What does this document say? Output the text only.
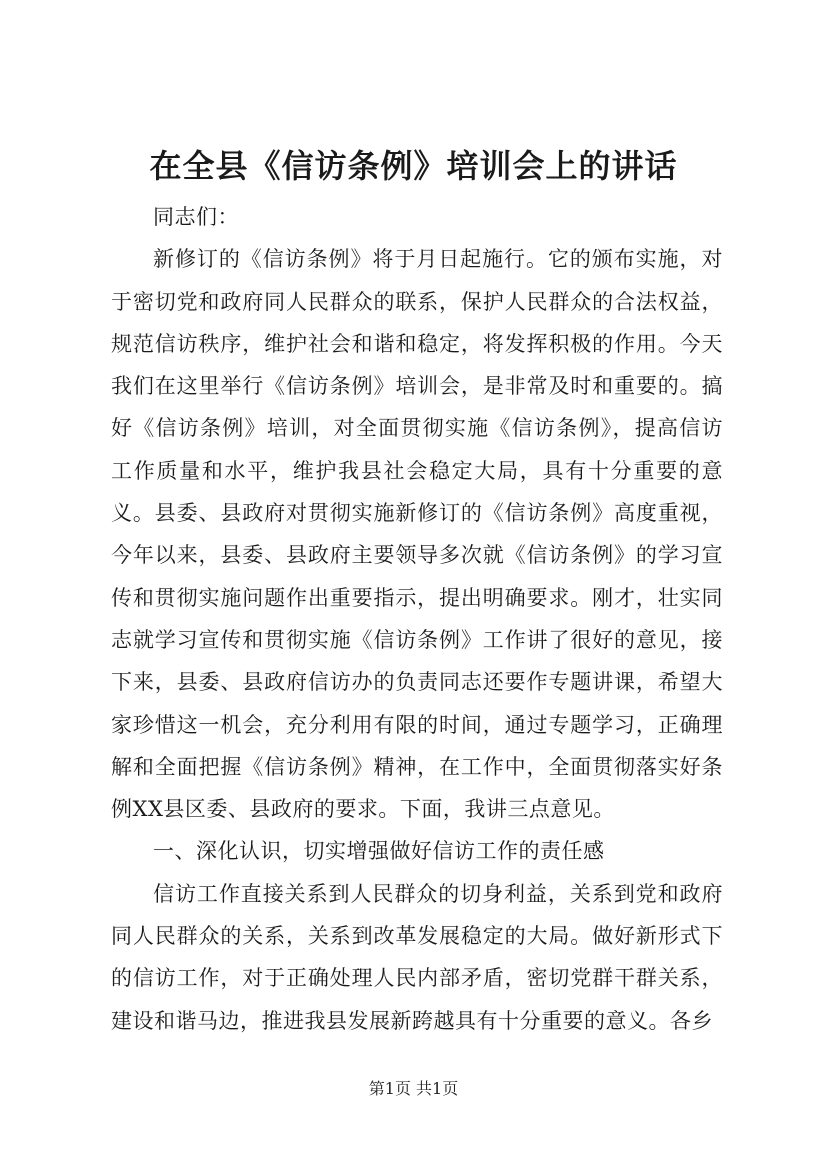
在全县《信访条例》培训会上的讲话

同志们：

新修订的《信访条例》将于月日起施行。它的颁布实施，对于密切党和政府同人民群众的联系，保护人民群众的合法权益，规范信访秩序，维护社会和谐和稳定，将发挥积极的作用。今天我们在这里举行《信访条例》培训会，是非常及时和重要的。搞好《信访条例》培训，对全面贯彻实施《信访条例》，提高信访工作质量和水平，维护我县社会稳定大局，具有十分重要的意义。县委、县政府对贯彻实施新修订的《信访条例》高度重视，今年以来，县委、县政府主要领导多次就《信访条例》的学习宣传和贯彻实施问题作出重要指示，提出明确要求。刚才，壮实同志就学习宣传和贯彻实施《信访条例》工作讲了很好的意见，接下来，县委、县政府信访办的负责同志还要作专题讲课，希望大家珍惜这一机会，充分利用有限的时间，通过专题学习，正确理解和全面把握《信访条例》精神，在工作中，全面贯彻落实好条例XX县区委、县政府的要求。下面，我讲三点意见。

一、深化认识，切实增强做好信访工作的责任感

信访工作直接关系到人民群众的切身利益，关系到党和政府同人民群众的关系，关系到改革发展稳定的大局。做好新形式下的信访工作，对于正确处理人民内部矛盾，密切党群干群关系，建设和谐马边，推进我县发展新跨越具有十分重要的意义。各乡

第1页 共1页
